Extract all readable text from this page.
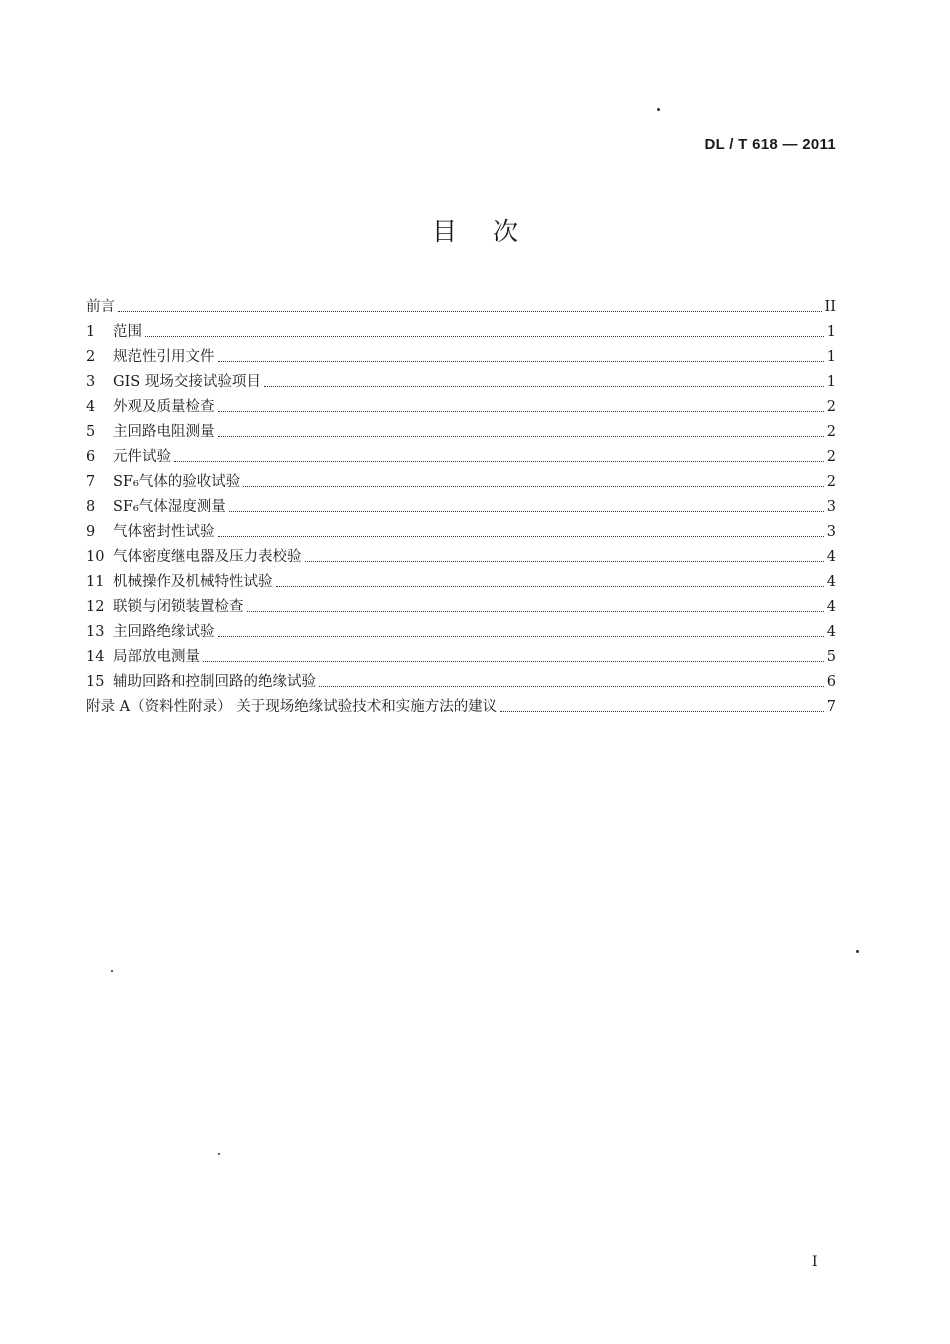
DL / T 618 — 2011
目次
前言	II
1	范围	1
2	规范性引用文件	1
3	GIS 现场交接试验项目	1
4	外观及质量检查	2
5	主回路电阻测量	2
6	元件试验	2
7	SF₆气体的验收试验	2
8	SF₆气体湿度测量	3
9	气体密封性试验	3
10 气体密度继电器及压力表校验	4
11 机械操作及机械特性试验	4
12 联锁与闭锁装置检查	4
13 主回路绝缘试验	4
14 局部放电测量	5
15 辅助回路和控制回路的绝缘试验	6
附录 A（资料性附录） 关于现场绝缘试验技术和实施方法的建议	7
I
